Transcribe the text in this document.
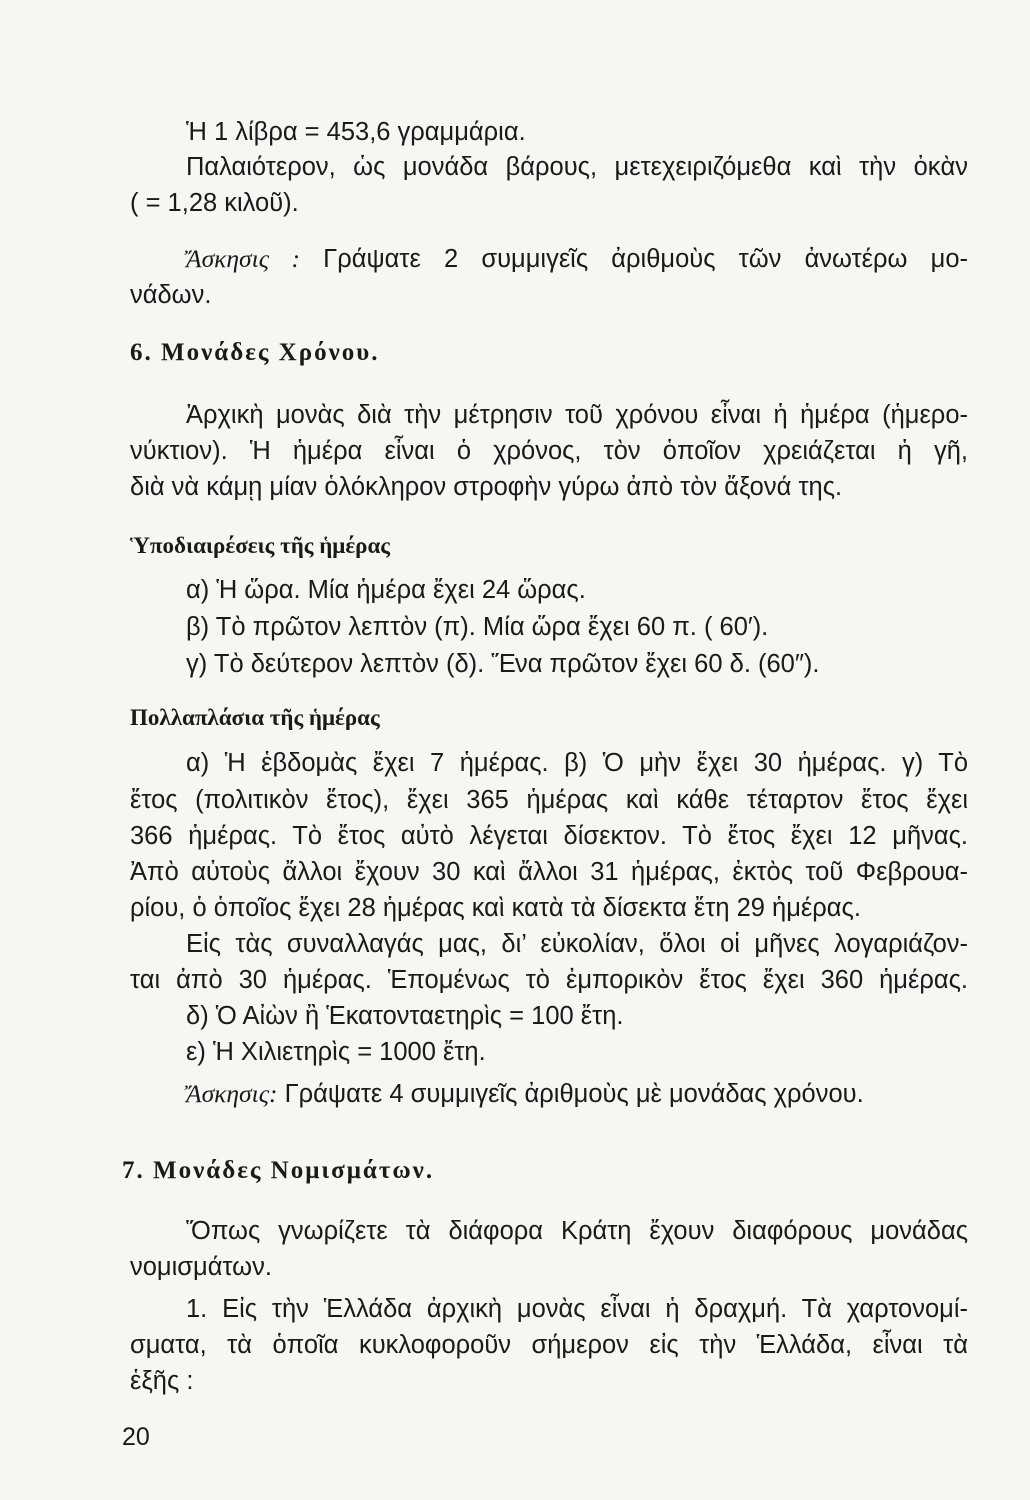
Ἡ 1 λίβρα = 453,6 γραμμάρια.
Παλαιότερον, ὡς μονάδα βάρους, μετεχειριζόμεθα καὶ τὴν ὀκὰν
( = 1,28 κιλοῦ).
Ἄσκησις : Γράψατε 2 συμμιγεῖς ἀριθμοὺς τῶν ἀνωτέρω μο-
νάδων.
6. Μονάδες Χρόνου.
Ἀρχικὴ μονὰς διὰ τὴν μέτρησιν τοῦ χρόνου εἶναι ἡ ἡμέρα (ἡμερο-
νύκτιον). Ἡ ἡμέρα εἶναι ὁ χρόνος, τὸν ὁποῖον χρειάζεται ἡ γῆ,
διὰ νὰ κάμῃ μίαν ὁλόκληρον στροφὴν γύρω ἀπὸ τὸν ἄξονά της.
Ὑποδιαιρέσεις τῆς ἡμέρας
α) Ἡ ὥρα. Μία ἡμέρα ἔχει 24 ὥρας.
β) Τὸ πρῶτον λεπτὸν (π). Μία ὥρα ἔχει 60 π. ( 60′).
γ) Τὸ δεύτερον λεπτὸν (δ). Ἕνα πρῶτον ἔχει 60 δ. (60″).
Πολλαπλάσια τῆς ἡμέρας
α) Ἡ ἑβδομὰς ἔχει 7 ἡμέρας. β) Ὁ μὴν ἔχει 30 ἡμέρας. γ) Τὸ
ἔτος (πολιτικὸν ἔτος), ἔχει 365 ἡμέρας καὶ κάθε τέταρτον ἔτος ἔχει
366 ἡμέρας. Τὸ ἔτος αὐτὸ λέγεται δίσεκτον. Τὸ ἔτος ἔχει 12 μῆνας.
Ἀπὸ αὐτοὺς ἄλλοι ἔχουν 30 καὶ ἄλλοι 31 ἡμέρας, ἐκτὸς τοῦ Φεβρουα-
ρίου, ὁ ὁποῖος ἔχει 28 ἡμέρας καὶ κατὰ τὰ δίσεκτα ἔτη 29 ἡμέρας.
Εἰς τὰς συναλλαγάς μας, δι’ εὐκολίαν, ὅλοι οἱ μῆνες λογαριάζον-
ται ἀπὸ 30 ἡμέρας. Ἑπομένως τὸ ἐμπορικὸν ἔτος ἔχει 360 ἡμέρας.
δ) Ὁ Αἰὼν ἢ Ἑκατονταετηρὶς = 100 ἔτη.
ε) Ἡ Χιλιετηρὶς = 1000 ἔτη.
Ἄσκησις: Γράψατε 4 συμμιγεῖς ἀριθμοὺς μὲ μονάδας χρόνου.
7. Μονάδες Νομισμάτων.
Ὅπως γνωρίζετε τὰ διάφορα Κράτη ἔχουν διαφόρους μονάδας
νομισμάτων.
1. Εἰς τὴν Ἑλλάδα ἀρχικὴ μονὰς εἶναι ἡ δραχμή. Τὰ χαρτονομί-
σματα, τὰ ὁποῖα κυκλοφοροῦν σήμερον εἰς τὴν Ἑλλάδα, εἶναι τὰ
ἑξῆς :
20
